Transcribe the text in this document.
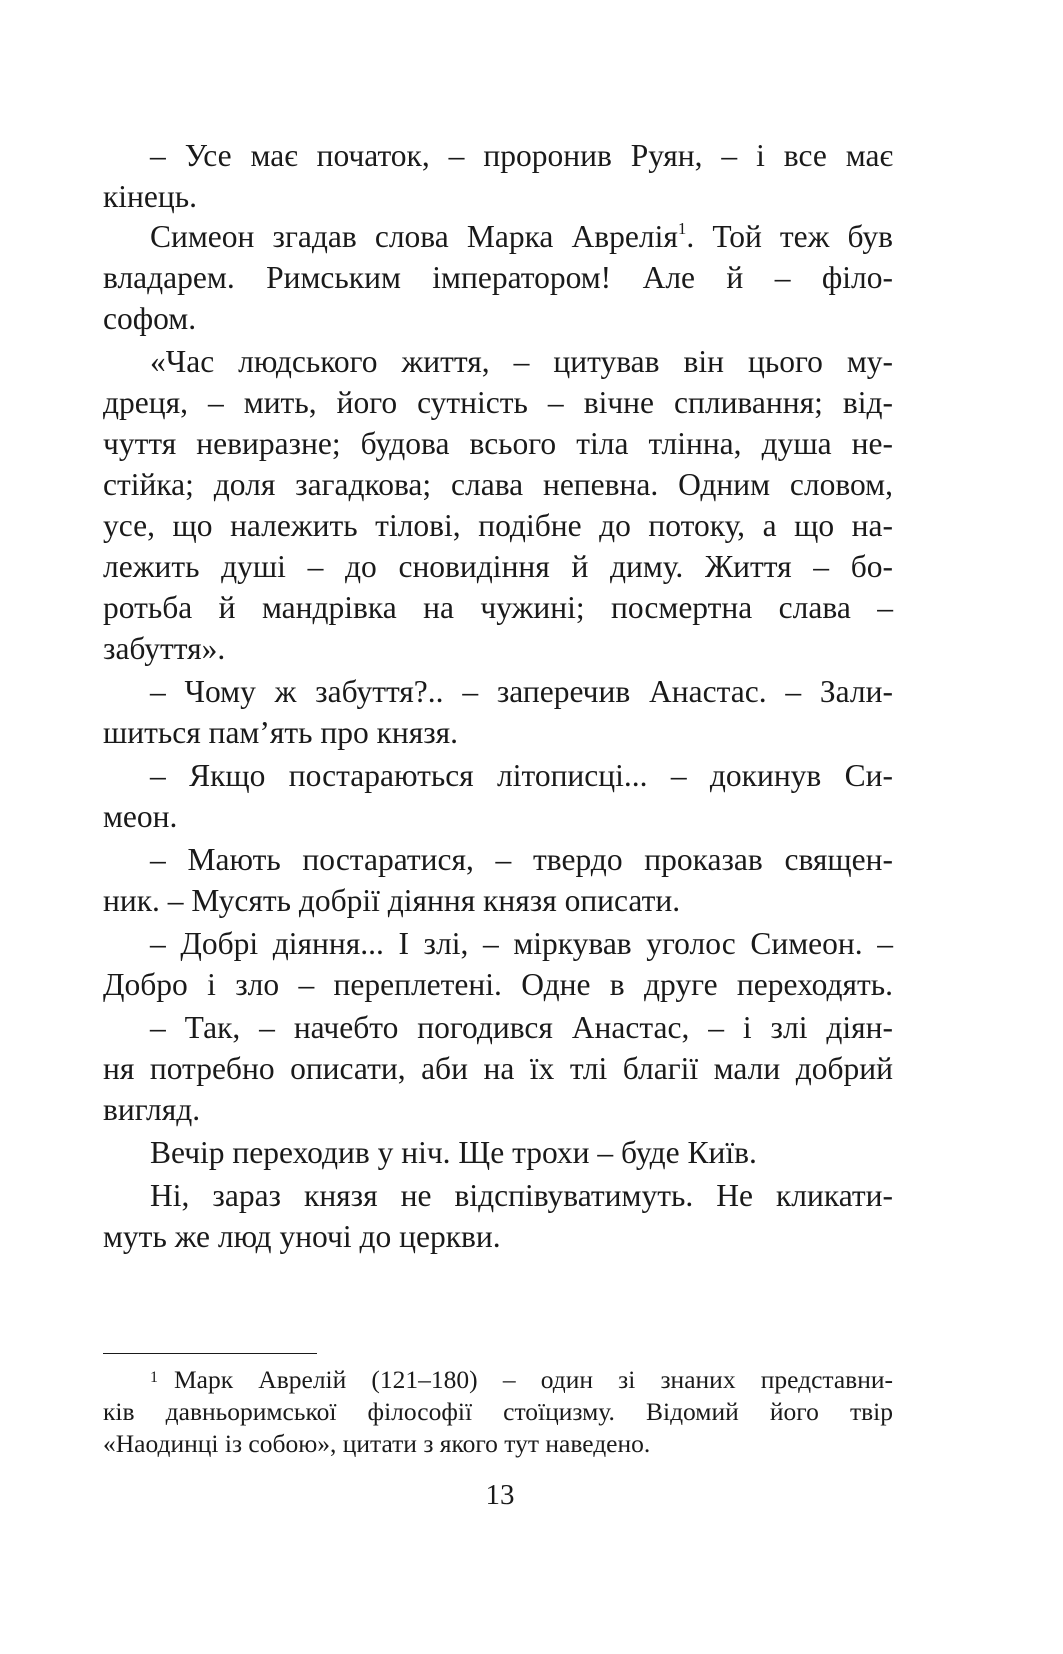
– Усе має початок, – проронив Руян, – і все має
кінець.
Симеон згадав слова Марка Аврелія$^1$. Той теж був
владарем. Римським імператором! Але й – філо-
софом.
«Час людського життя, – цитував він цього му-
дреця, – мить, його сутність – вічне спливання; від-
чуття невиразне; будова всього тіла тлінна, душа не-
стійка; доля загадкова; слава непевна. Одним словом,
усе, що належить тілові, подібне до потоку, а що на-
лежить душі – до сновидіння й диму. Життя – бо-
ротьба й мандрівка на чужині; посмертна слава –
забуття».
– Чому ж забуття?.. – заперечив Анастас. – Зали-
шиться пам’ять про князя.
– Якщо постараються літописці... – докинув Си-
меон.
– Мають постаратися, – твердо проказав священ-
ник. – Мусять добрії діяння князя описати.
– Добрі діяння... І злі, – міркував уголос Симеон. –
Добро і зло – переплетені. Одне в друге переходять.
– Так, – начебто погодився Анастас, – і злі діян-
ня потребно описати, аби на їх тлі благії мали добрий
вигляд.
Вечір переходив у ніч. Ще трохи – буде Київ.
Ні, зараз князя не відспівуватимуть. Не кликати-
муть же люд уночі до церкви.
$^1$ Марк Аврелій (121–180) – один зі знаних представни-
ків давньоримської філософії стоїцизму. Відомий його твір
«Наодинці із собою», цитати з якого тут наведено.
13
